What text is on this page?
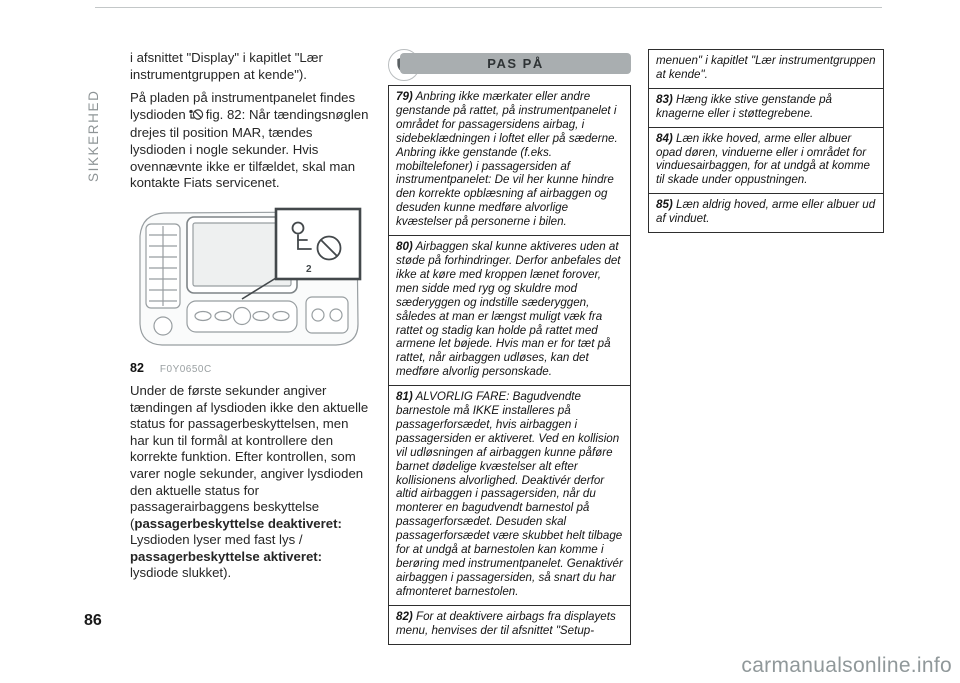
SIKKERHED

i afsnittet "Display" i kapitlet "Lær instrumentgruppen at kende").

På pladen på instrumentpanelet findes lysdioden fig. 82: Når tændingsnøglen drejes til position MAR, tændes lysdioden i nogle sekunder. Hvis ovennævnte ikke er tilfældet, skal man kontakte Fiats servicenet.

2
82 F0Y0650C

Under de første sekunder angiver tændingen af lysdioden ikke den aktuelle status for passagerbeskyttelsen, men har kun til formål at kontrollere den korrekte funktion. Efter kontrollen, som varer nogle sekunder, angiver lysdioden den aktuelle status for passagerairbaggens beskyttelse (passagerbeskyttelse deaktiveret: Lysdioden lyser med fast lys / passagerbeskyttelse aktiveret: lysdiode slukket).

PAS PÅ
79) Anbring ikke mærkater eller andre genstande på rattet, på instrumentpanelet i området for passagersidens airbag, i sidebeklædningen i loftet eller på sæderne. Anbring ikke genstande (f.eks. mobiltelefoner) i passagersiden af instrumentpanelet: De vil her kunne hindre den korrekte opblæsning af airbaggen og desuden kunne medføre alvorlige kvæstelser på personerne i bilen.
80) Airbaggen skal kunne aktiveres uden at støde på forhindringer. Derfor anbefales det ikke at køre med kroppen lænet forover, men sidde med ryg og skuldre mod sæderyggen og indstille sæderyggen, således at man er længst muligt væk fra rattet og stadig kan holde på rattet med armene let bøjede. Hvis man er for tæt på rattet, når airbaggen udløses, kan det medføre alvorlig personskade.
81) ALVORLIG FARE: Bagudvendte barnestole må IKKE installeres på passagerforsædet, hvis airbaggen i passagersiden er aktiveret. Ved en kollision vil udløsningen af airbaggen kunne påføre barnet dødelige kvæstelser alt efter kollisionens alvorlighed. Deaktivér derfor altid airbaggen i passagersiden, når du monterer en bagudvendt barnestol på passagerforsædet. Desuden skal passagerforsædet være skubbet helt tilbage for at undgå at barnestolen kan komme i berøring med instrumentpanelet. Genaktivér airbaggen i passagersiden, så snart du har afmonteret barnestolen.
82) For at deaktivere airbags fra displayets menu, henvises der til afsnittet "Setup-
menuen" i kapitlet "Lær instrumentgruppen at kende".
83) Hæng ikke stive genstande på knagerne eller i støttegrebene.
84) Læn ikke hoved, arme eller albuer opad døren, vinduerne eller i området for vinduesairbaggen, for at undgå at komme til skade under oppustningen.
85) Læn aldrig hoved, arme eller albuer ud af vinduet.
86
carmanualsonline.info
